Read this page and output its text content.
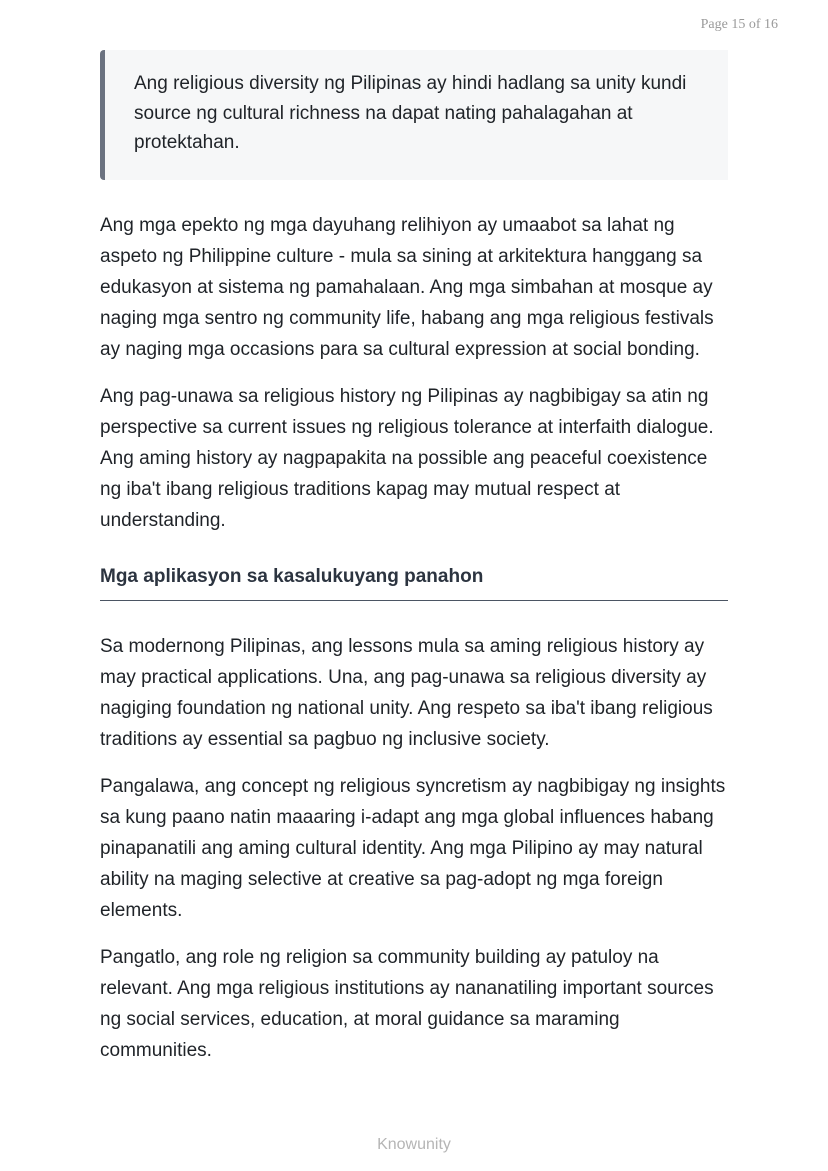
Page 15 of 16
Ang religious diversity ng Pilipinas ay hindi hadlang sa unity kundi source ng cultural richness na dapat nating pahalagahan at protektahan.

Ang mga epekto ng mga dayuhang relihiyon ay umaabot sa lahat ng aspeto ng Philippine culture - mula sa sining at arkitektura hanggang sa edukasyon at sistema ng pamahalaan. Ang mga simbahan at mosque ay naging mga sentro ng community life, habang ang mga religious festivals ay naging mga occasions para sa cultural expression at social bonding.

Ang pag-unawa sa religious history ng Pilipinas ay nagbibigay sa atin ng perspective sa current issues ng religious tolerance at interfaith dialogue. Ang aming history ay nagpapakita na possible ang peaceful coexistence ng iba't ibang religious traditions kapag may mutual respect at understanding.

Mga aplikasyon sa kasalukuyang panahon

Sa modernong Pilipinas, ang lessons mula sa aming religious history ay may practical applications. Una, ang pag-unawa sa religious diversity ay nagiging foundation ng national unity. Ang respeto sa iba't ibang religious traditions ay essential sa pagbuo ng inclusive society.

Pangalawa, ang concept ng religious syncretism ay nagbibigay ng insights sa kung paano natin maaaring i-adapt ang mga global influences habang pinapanatili ang aming cultural identity. Ang mga Pilipino ay may natural ability na maging selective at creative sa pag-adopt ng mga foreign elements.

Pangatlo, ang role ng religion sa community building ay patuloy na relevant. Ang mga religious institutions ay nananatiling important sources ng social services, education, at moral guidance sa maraming communities.

Knowunity
